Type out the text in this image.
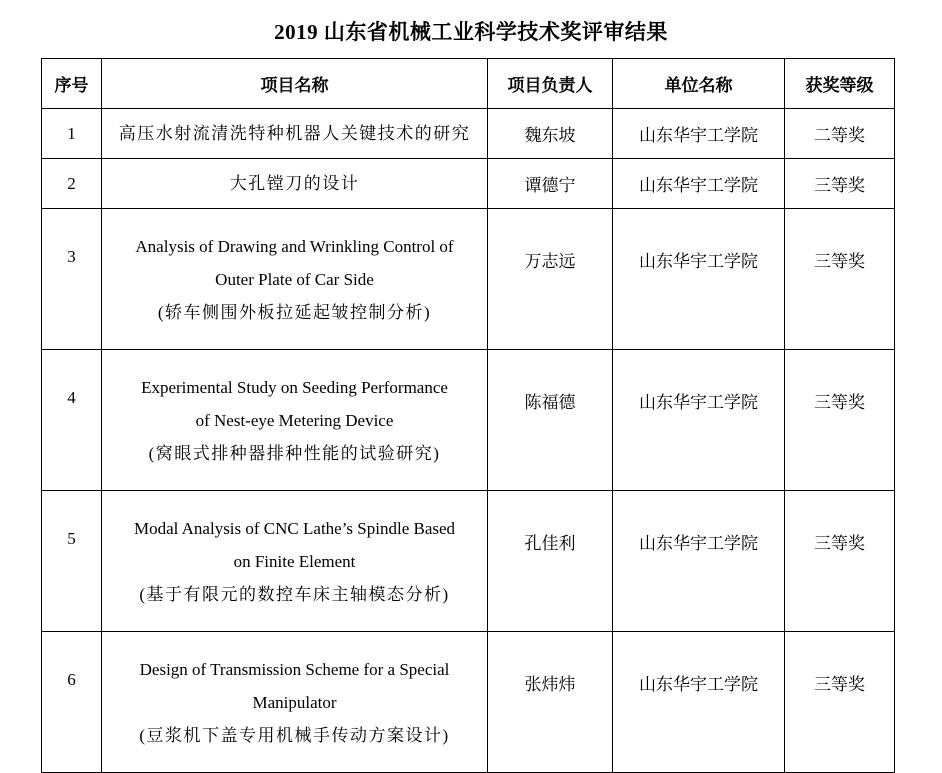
2019 山东省机械工业科学技术奖评审结果
序号	项目名称	项目负责人	单位名称	获奖等级
1	高压水射流清洗特种机器人关键技术的研究	魏东坡	山东华宇工学院	二等奖
2	大孔镗刀的设计	谭德宁	山东华宇工学院	三等奖
3	Analysis of Drawing and Wrinkling Control of
Outer Plate of Car Side
(轿车侧围外板拉延起皱控制分析)	万志远	山东华宇工学院	三等奖
4	Experimental Study on Seeding Performance
of Nest-eye Metering Device
(窝眼式排种器排种性能的试验研究)	陈福德	山东华宇工学院	三等奖
5	Modal Analysis of CNC Lathe’s Spindle Based
on Finite Element
(基于有限元的数控车床主轴模态分析)	孔佳利	山东华宇工学院	三等奖
6	Design of Transmission Scheme for a Special
Manipulator
(豆浆机下盖专用机械手传动方案设计)	张炜炜	山东华宇工学院	三等奖
